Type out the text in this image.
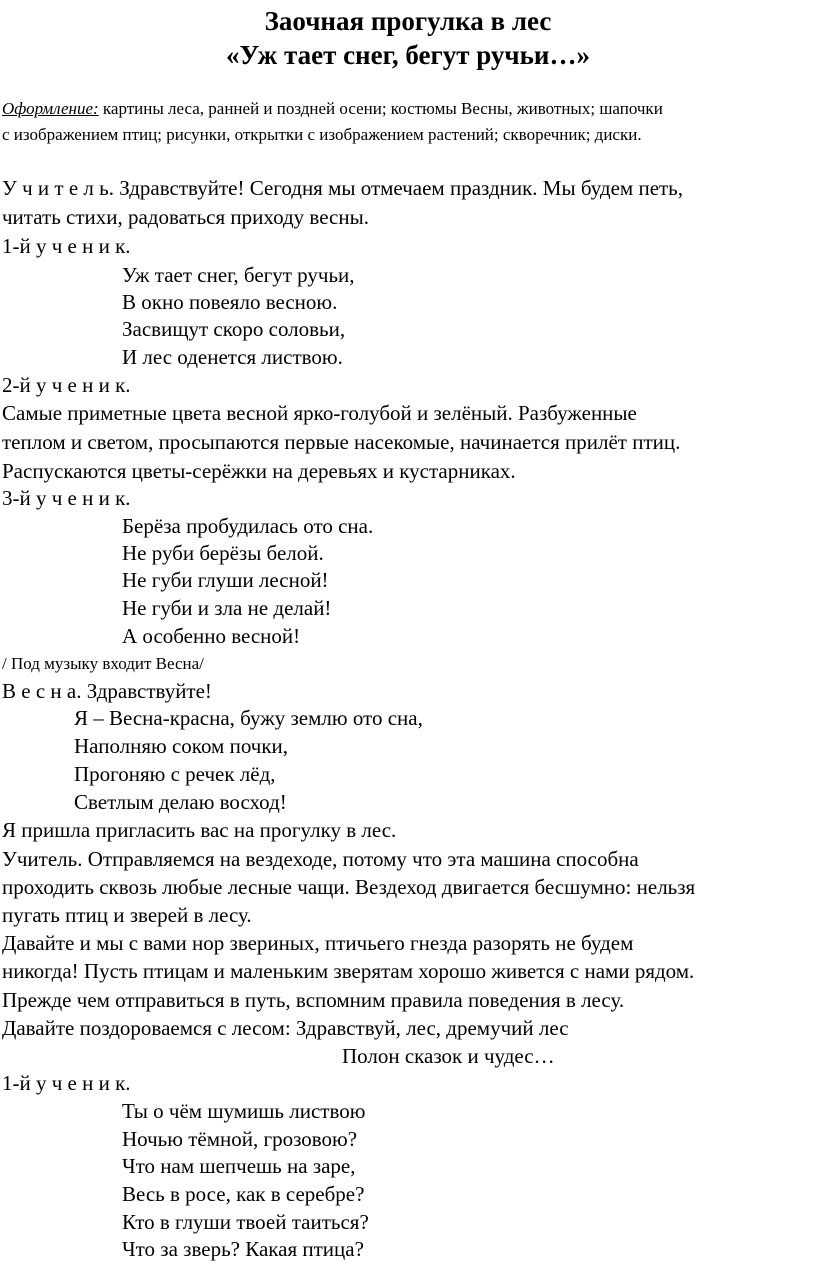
Заочная прогулка в лес
«Уж тает снег, бегут ручьи…»
Оформление: картины леса, ранней и поздней осени; костюмы Весны, животных; шапочки
с изображением птиц; рисунки, открытки с изображением растений; скворечник; диски.
У ч и т е л ь. Здравствуйте! Сегодня мы отмечаем праздник. Мы будем петь,
читать стихи, радоваться приходу весны.
1-й у ч е н и к.
Уж тает снег, бегут ручьи,
В окно повеяло весною.
Засвищут скоро соловьи,
И лес оденется листвою.
2-й у ч е н и к.
Самые приметные цвета весной ярко-голубой и зелёный. Разбуженные
теплом и светом, просыпаются первые насекомые, начинается прилёт птиц.
Распускаются цветы-серёжки на деревьях и кустарниках.
3-й у ч е н и к.
Берёза пробудилась ото сна.
Не руби берёзы белой.
Не губи глуши лесной!
Не губи и зла не делай!
А особенно весной!
/ Под музыку входит Весна/
В е с н а. Здравствуйте!
Я – Весна-красна, бужу землю ото сна,
Наполняю соком почки,
Прогоняю с речек лёд,
Светлым делаю восход!
Я пришла пригласить вас на прогулку в лес.
Учитель. Отправляемся на вездеходе, потому что эта машина способна
проходить сквозь любые лесные чащи. Вездеход двигается бесшумно: нельзя
пугать птиц и зверей в лесу.
Давайте и мы с вами нор звериных, птичьего гнезда разорять не будем
никогда! Пусть птицам и маленьким зверятам хорошо живется с нами рядом.
Прежде чем отправиться в путь, вспомним правила поведения в лесу.
Давайте поздороваемся с лесом: Здравствуй, лес, дремучий лес
Полон сказок и чудес…
1-й у ч е н и к.
Ты о чём шумишь листвою
Ночью тёмной, грозовою?
Что нам шепчешь на заре,
Весь в росе, как в серебре?
Кто в глуши твоей таиться?
Что за зверь? Какая птица?
